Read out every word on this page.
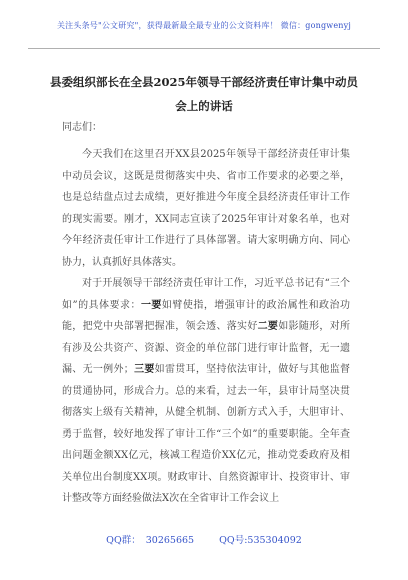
关注头条号"公文研究"，获得最新最全最专业的公文资料库！ 微信：gongwenyj
县委组织部长在全县2025年领导干部经济责任审计集中动员会上的讲话
同志们：

今天我们在这里召开XX县2025年领导干部经济责任审计集中动员会议，这既是贯彻落实中央、省市工作要求的必要之举，也是总结盘点过去成绩，更好推进今年度全县经济责任审计工作的现实需要。刚才，XX同志宣读了2025年审计对象名单，也对今年经济责任审计工作进行了具体部署。请大家明确方向、同心协力，认真抓好具体落实。

对于开展领导干部经济责任审计工作，习近平总书记有“三个如”的具体要求：一要如臂使指，增强审计的政治属性和政治功能，把党中央部署把握准，领会透、落实好二要如影随形，对所有涉及公共资产、资源、资金的单位部门进行审计监督，无一遗漏、无一例外；三要如雷贯耳，坚持依法审计，做好与其他监督的贯通协同，形成合力。总的来看，过去一年，县审计局坚决贯彻落实上级有关精神，从健全机制、创新方式入手，大胆审计、勇于监督，较好地发挥了审计工作“三个如”的重要职能。全年查出问题金额XX亿元，核减工程造价XX亿元，推动党委政府及相关单位出台制度XX项。财政审计、自然资源审计、投资审计、审计整改等方面经验做法X次在全省审计工作会议上

QQ群： 30265665	QQ号:535304092
